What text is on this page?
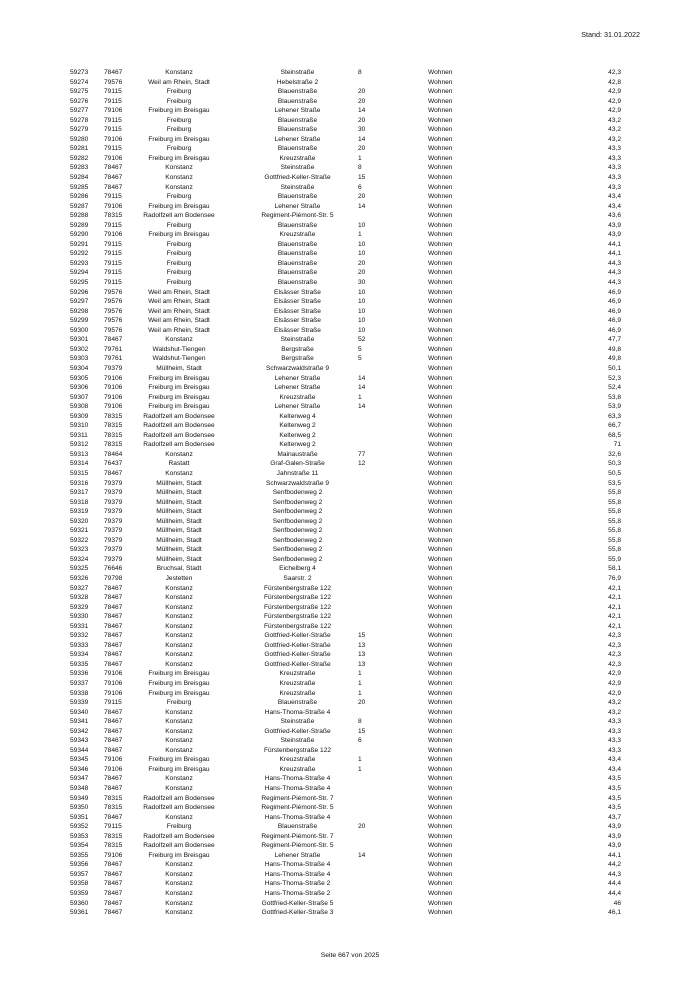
Stand: 31.01.2022
59273 78467	Konstanz	Steinstraße	8	Wohnen	42,3
59274 79576	Weil am Rhein, Stadt	Hebelstraße 2	Wohnen	42,8
59275 79115	Freiburg	Blauenstraße	20	Wohnen	42,9
59276 79115	Freiburg	Blauenstraße	20	Wohnen	42,9
59277 79106	Freiburg im Breisgau	Lehener Straße	14	Wohnen	42,9
59278 79115	Freiburg	Blauenstraße	20	Wohnen	43,2
59279 79115	Freiburg	Blauenstraße	30	Wohnen	43,2
59280 79106	Freiburg im Breisgau	Lehener Straße	14	Wohnen	43,2
59281 79115	Freiburg	Blauenstraße	20	Wohnen	43,3
59282 79106	Freiburg im Breisgau	Kreuzstraße	1	Wohnen	43,3
59283 78467	Konstanz	Steinstraße	8	Wohnen	43,3
59284 78467	Konstanz	Gottfried-Keller-Straße	15	Wohnen	43,3
59285 78467	Konstanz	Steinstraße	6	Wohnen	43,3
59286 79115	Freiburg	Blauenstraße	20	Wohnen	43,4
59287 79106	Freiburg im Breisgau	Lehener Straße	14	Wohnen	43,4
59288 78315	Radolfzell am Bodensee	Regiment-Piémont-Str. 5	Wohnen	43,6
59289 79115	Freiburg	Blauenstraße	10	Wohnen	43,9
59290 79106	Freiburg im Breisgau	Kreuzstraße	1	Wohnen	43,9
59291 79115	Freiburg	Blauenstraße	10	Wohnen	44,1
59292 79115	Freiburg	Blauenstraße	10	Wohnen	44,1
59293 79115	Freiburg	Blauenstraße	20	Wohnen	44,3
59294 79115	Freiburg	Blauenstraße	20	Wohnen	44,3
59295 79115	Freiburg	Blauenstraße	30	Wohnen	44,3
59296 79576	Weil am Rhein, Stadt	Elsässer Straße	10	Wohnen	46,9
59297 79576	Weil am Rhein, Stadt	Elsässer Straße	10	Wohnen	46,9
59298 79576	Weil am Rhein, Stadt	Elsässer Straße	10	Wohnen	46,9
59299 79576	Weil am Rhein, Stadt	Elsässer Straße	10	Wohnen	46,9
59300 79576	Weil am Rhein, Stadt	Elsässer Straße	10	Wohnen	46,9
59301 78467	Konstanz	Steinstraße	52	Wohnen	47,7
59302 79761	Waldshut-Tiengen	Bergstraße	5	Wohnen	49,8
59303 79761	Waldshut-Tiengen	Bergstraße	5	Wohnen	49,8
59304 79379	Müllheim, Stadt	Schwarzwaldstraße 9	Wohnen	50,1
59305 79106	Freiburg im Breisgau	Lehener Straße	14	Wohnen	52,3
59306 79106	Freiburg im Breisgau	Lehener Straße	14	Wohnen	52,4
59307 79106	Freiburg im Breisgau	Kreuzstraße	1	Wohnen	53,8
59308 79106	Freiburg im Breisgau	Lehener Straße	14	Wohnen	53,9
59309 78315	Radolfzell am Bodensee	Keltenweg 4	Wohnen	63,3
59310 78315	Radolfzell am Bodensee	Keltenweg 2	Wohnen	66,7
59311 78315	Radolfzell am Bodensee	Keltenweg 2	Wohnen	68,5
59312 78315	Radolfzell am Bodensee	Keltenweg 2	Wohnen	71
59313 78464	Konstanz	Mainaustraße	77	Wohnen	32,6
59314 76437	Rastatt	Graf-Galen-Straße	12	Wohnen	50,3
59315 78467	Konstanz	Jahnstraße 11	Wohnen	50,5
59316 79379	Müllheim, Stadt	Schwarzwaldstraße 9	Wohnen	53,5
59317 79379	Müllheim, Stadt	Senfbodenweg 2	Wohnen	55,8
59318 79379	Müllheim, Stadt	Senfbodenweg 2	Wohnen	55,8
59319 79379	Müllheim, Stadt	Senfbodenweg 2	Wohnen	55,8
59320 79379	Müllheim, Stadt	Senfbodenweg 2	Wohnen	55,8
59321 79379	Müllheim, Stadt	Senfbodenweg 2	Wohnen	55,8
59322 79379	Müllheim, Stadt	Senfbodenweg 2	Wohnen	55,8
59323 79379	Müllheim, Stadt	Senfbodenweg 2	Wohnen	55,8
59324 79379	Müllheim, Stadt	Senfbodenweg 2	Wohnen	55,9
59325 76646	Bruchsal, Stadt	Eichelberg 4	Wohnen	58,1
59326 79798	Jestetten	Saarstr. 2	Wohnen	76,9
59327 78467	Konstanz	Fürstenbergstraße 122	Wohnen	42,1
59328 78467	Konstanz	Fürstenbergstraße 122	Wohnen	42,1
59329 78467	Konstanz	Fürstenbergstraße 122	Wohnen	42,1
59330 78467	Konstanz	Fürstenbergstraße 122	Wohnen	42,1
59331 78467	Konstanz	Fürstenbergstraße 122	Wohnen	42,1
59332 78467	Konstanz	Gottfried-Keller-Straße	15	Wohnen	42,3
59333 78467	Konstanz	Gottfried-Keller-Straße	13	Wohnen	42,3
59334 78467	Konstanz	Gottfried-Keller-Straße	13	Wohnen	42,3
59335 78467	Konstanz	Gottfried-Keller-Straße	13	Wohnen	42,3
59336 79106	Freiburg im Breisgau	Kreuzstraße	1	Wohnen	42,9
59337 79106	Freiburg im Breisgau	Kreuzstraße	1	Wohnen	42,9
59338 79106	Freiburg im Breisgau	Kreuzstraße	1	Wohnen	42,9
59339 79115	Freiburg	Blauenstraße	20	Wohnen	43,2
59340 78467	Konstanz	Hans-Thoma-Straße 4	Wohnen	43,2
59341 78467	Konstanz	Steinstraße	8	Wohnen	43,3
59342 78467	Konstanz	Gottfried-Keller-Straße	15	Wohnen	43,3
59343 78467	Konstanz	Steinstraße	6	Wohnen	43,3
59344 78467	Konstanz	Fürstenbergstraße 122	Wohnen	43,3
59345 79106	Freiburg im Breisgau	Kreuzstraße	1	Wohnen	43,4
59346 79106	Freiburg im Breisgau	Kreuzstraße	1	Wohnen	43,4
59347 78467	Konstanz	Hans-Thoma-Straße 4	Wohnen	43,5
59348 78467	Konstanz	Hans-Thoma-Straße 4	Wohnen	43,5
59349 78315	Radolfzell am Bodensee	Regiment-Piémont-Str. 7	Wohnen	43,5
59350 78315	Radolfzell am Bodensee	Regiment-Piémont-Str. 5	Wohnen	43,5
59351 78467	Konstanz	Hans-Thoma-Straße 4	Wohnen	43,7
59352 79115	Freiburg	Blauenstraße	20	Wohnen	43,9
59353 78315	Radolfzell am Bodensee	Regiment-Piémont-Str. 7	Wohnen	43,9
59354 78315	Radolfzell am Bodensee	Regiment-Piémont-Str. 5	Wohnen	43,9
59355 79106	Freiburg im Breisgau	Lehener Straße	14	Wohnen	44,1
59356 78467	Konstanz	Hans-Thoma-Straße 4	Wohnen	44,2
59357 78467	Konstanz	Hans-Thoma-Straße 4	Wohnen	44,3
59358 78467	Konstanz	Hans-Thoma-Straße 2	Wohnen	44,4
59359 78467	Konstanz	Hans-Thoma-Straße 2	Wohnen	44,4
59360 78467	Konstanz	Gottfried-Keller-Straße 5	Wohnen	46
59361 78467	Konstanz	Gottfried-Keller-Straße 3	Wohnen	46,1
Seite 667 von 2025
